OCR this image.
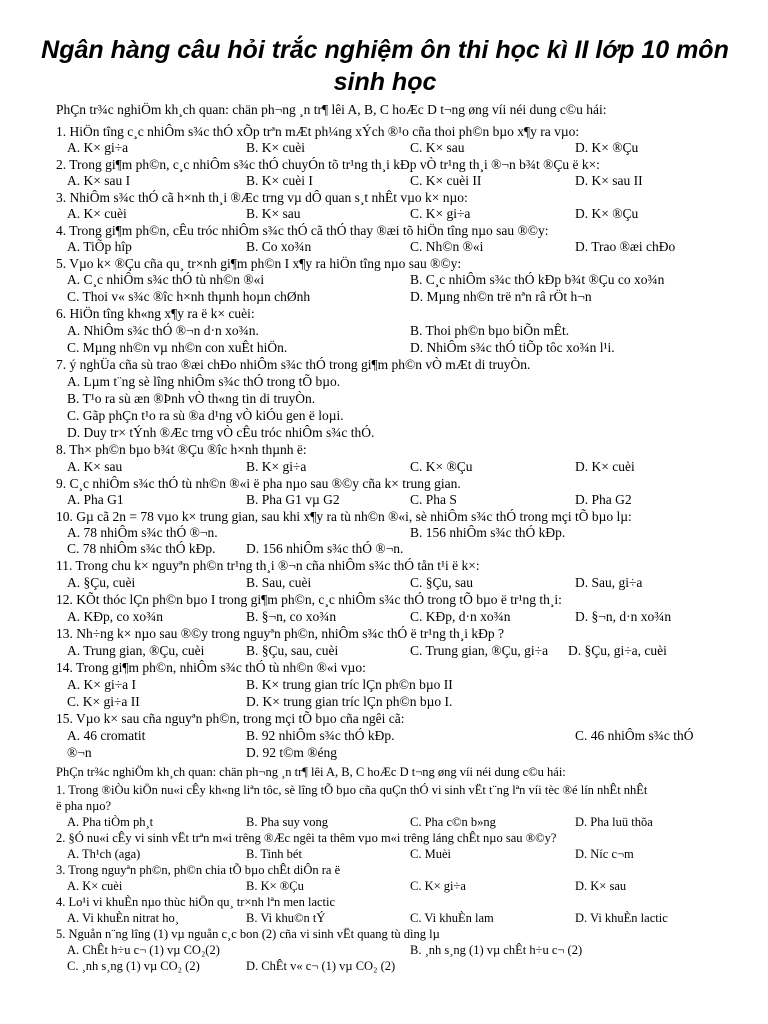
Ngân hàng câu hỏi trắc nghiệm ôn thi học kì II lớp 10 môn sinh học
PhÇn tr¾c nghiÖm kh¸ch quan: chän ph¬ng ¸n tr¶ lêi A, B, C hoÆc D t¬ng øng víi néi dung c©u hái:
1. HiÖn tîng c¸c nhiÔm s¾c thÓ xÕp trªn mÆt ph¼ng xÝch ®¹o cña thoi ph©n bµo x¶y ra vµo:
A. K× gi÷a	B. K× cuèi	C. K× sau	D. K× ®Çu
2. Trong gi¶m ph©n, c¸c nhiÔm s¾c thÓ chuyÓn tõ tr¹ng th¸i kÐp vÒ tr¹ng th¸i ®¬n b¾t ®Çu ë k×:
A. K× sau I	B. K× cuèi I	C. K× cuèi II	D. K× sau II
3. NhiÔm s¾c thÓ cã h×nh th¸i ®Æc trng vµ dÔ quan s¸t nhÊt vµo k× nµo:
A. K× cuèi	B. K× sau	C. K× gi÷a	D. K× ®Çu
4. Trong gi¶m ph©n, cÊu tróc nhiÔm s¾c thÓ cã thÓ thay ®æi tõ hiÖn tîng nµo sau ®©y:
A. TiÕp hîp	B. Co xo¾n	C. Nh©n ®«i	D. Trao ®æi chÐo
5. Vµo k× ®Çu cña qu¸ tr×nh gi¶m ph©n I x¶y ra hiÖn tîng nµo sau ®©y:
A. C¸c nhiÔm s¾c thÓ tù nh©n ®«i	B. C¸c nhiÔm s¾c thÓ kÐp b¾t ®Çu co xo¾n
C. Thoi v« s¾c ®îc h×nh thµnh hoµn chØnh	D. Mµng nh©n trë nªn râ rÖt h¬n
6. HiÖn tîng kh«ng x¶y ra ë k× cuèi:
A. NhiÔm s¾c thÓ ®¬n d·n xo¾n.	B. Thoi ph©n bµo biÕn mÊt.
C. Mµng nh©n vµ nh©n con xuÊt hiÖn.	D. NhiÔm s¾c thÓ tiÕp tôc xo¾n l¹i.
7. ý nghÜa cña sù trao ®æi chÐo nhiÔm s¾c thÓ trong gi¶m ph©n vÒ mÆt di truyÒn.
A. Lµm t¨ng sè lîng nhiÔm s¾c thÓ trong tÕ bµo.
B. T¹o ra sù æn ®Þnh vÒ th«ng tin di truyÒn.
C. Gãp phÇn t¹o ra sù ®a d¹ng vÒ kiÓu gen ë loµi.
D. Duy tr× tÝnh ®Æc trng vÒ cÊu tróc nhiÔm s¾c thÓ.
8. Th× ph©n bµo b¾t ®Çu ®îc h×nh thµnh ë:
A. K× sau	B. K× gi÷a	C. K× ®Çu	D. K× cuèi
9. C¸c nhiÔm s¾c thÓ tù nh©n ®«i ë pha nµo sau ®©y cña k× trung gian.
A. Pha G1	B. Pha G1 vµ G2	C. Pha S	D. Pha G2
10. Gµ cã 2n = 78 vµo k× trung gian, sau khi x¶y ra tù nh©n ®«i, sè nhiÔm s¾c thÓ trong mçi tÕ bµo lµ:
A. 78 nhiÔm s¾c thÓ ®¬n.	B. 156 nhiÔm s¾c thÓ kÐp.
C. 78 nhiÔm s¾c thÓ kÐp. D. 156 nhiÔm s¾c thÓ ®¬n.
11. Trong chu k× nguyªn ph©n tr¹ng th¸i ®¬n cña nhiÔm s¾c thÓ tån t¹i ë k×:
A. §Çu, cuèi	B. Sau, cuèi	C. §Çu, sau	D. Sau, gi÷a
12. KÕt thóc lÇn ph©n bµo I trong gi¶m ph©n, c¸c nhiÔm s¾c thÓ trong tÕ bµo ë tr¹ng th¸i:
A. KÐp, co xo¾n	B. §¬n, co xo¾n	C. KÐp, d·n xo¾n	D. §¬n, d·n xo¾n
13. Nh÷ng k× nµo sau ®©y trong nguyªn ph©n, nhiÔm s¾c thÓ ë tr¹ng th¸i kÐp ?
A. Trung gian, ®Çu, cuèi	B. §Çu, sau, cuèi	C. Trung gian, ®Çu, gi÷a D. §Çu, gi÷a, cuèi
14. Trong gi¶m ph©n, nhiÔm s¾c thÓ tù nh©n ®«i vµo:
A. K× gi÷a I	B. K× trung gian tríc lÇn ph©n bµo II
C. K× gi÷a II	D. K× trung gian tríc lÇn ph©n bµo I.
15. Vµo k× sau cña nguyªn ph©n, trong mçi tÕ bµo cña ngêi cã:
A. 46 cromatit	B. 92 nhiÔm s¾c thÓ kÐp.	C. 46 nhiÔm s¾c thÓ
®¬n	D. 92 t©m ®éng
PhÇn tr¾c nghiÖm kh¸ch quan: chän ph¬ng ¸n tr¶ lêi A, B, C hoÆc D t¬ng øng víi néi dung c©u hái:
1. Trong ®iÒu kiÖn nu«i cÊy kh«ng liªn tôc, sè lîng tÕ bµo cña quÇn thÓ vi sinh vËt t¨ng lªn víi tèc ®é lín nhÊt nhÊt
ë pha nµo?
A. Pha tiÒm ph¸t	B. Pha suy vong	C. Pha c©n b»ng	D. Pha luü thõa
2. §Ó nu«i cÊy vi sinh vËt trªn m«i trêng ®Æc ngêi ta thêm vµo m«i trêng láng chÊt nµo sau ®©y?
A. Th¹ch (aga)	B. Tinh bét	C. Muèi	D. Níc c¬m
3. Trong nguyªn ph©n, ph©n chia tÕ bµo chÊt diÔn ra ë
A. K× cuèi	B. K× ®Çu	C. K× gi÷a	D. K× sau
4. Lo¹i vi khuÈn nµo thùc hiÖn qu¸ tr×nh lªn men lactic
A. Vi khuÈn nitrat ho¸	B. Vi khu©n tÝ	C. Vi khuÈn lam	D. Vi khuÈn lactic
5. Nguån n¨ng lîng (1) vµ nguån c¸c bon (2) cña vi sinh vËt quang tù dìng lµ
A. ChÊt h÷u c¬ (1) vµ CO₂(2)	B. ¸nh s¸ng (1) vµ chÊt h÷u c¬ (2)
C. ¸nh s¸ng (1) vµ CO₂ (2)	D. ChÊt v« c¬ (1) vµ CO₂ (2)
